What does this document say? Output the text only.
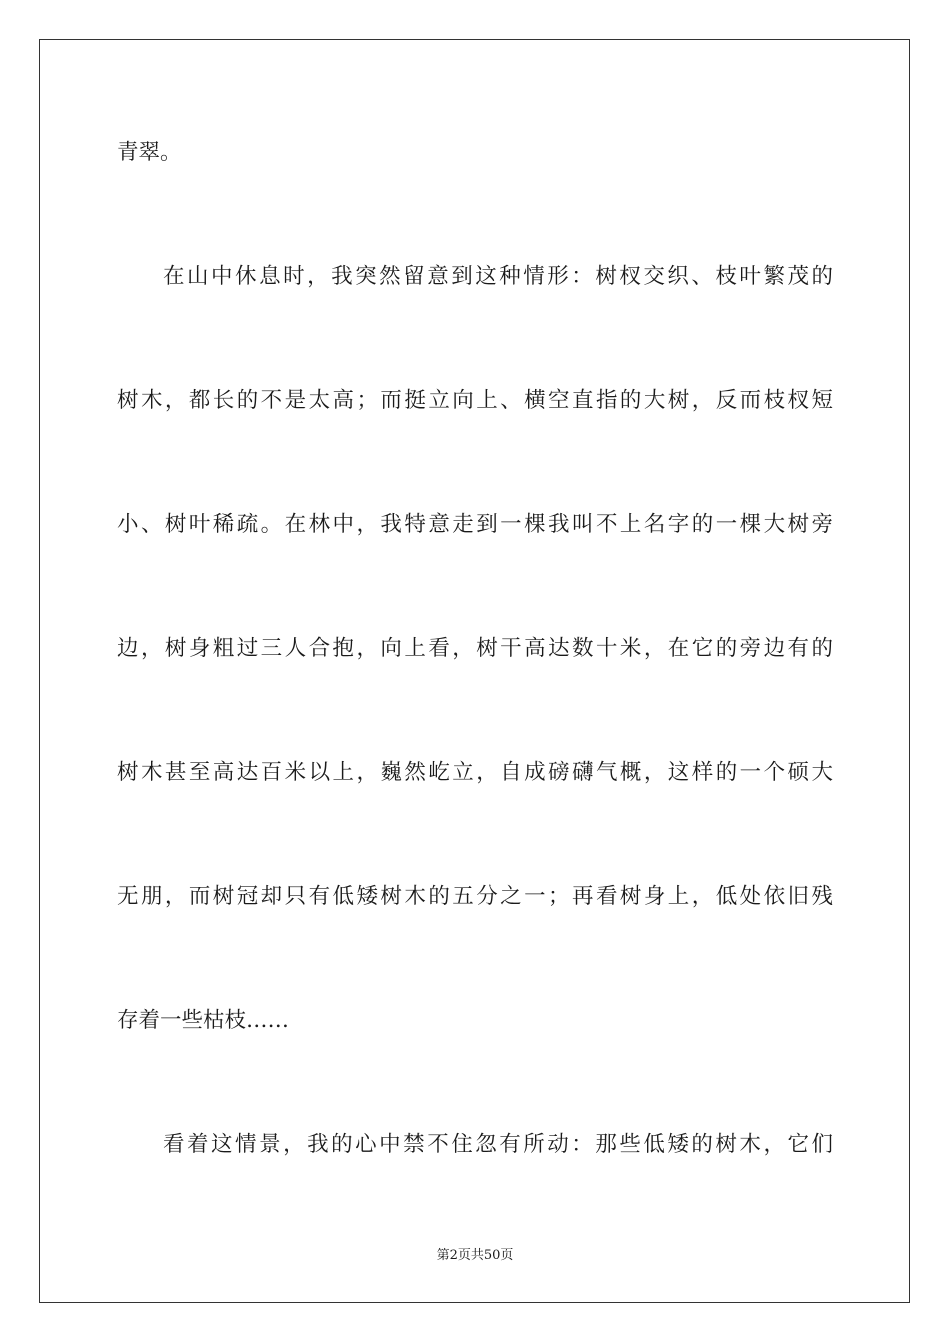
青翠。
在山中休息时，我突然留意到这种情形：树杈交织、枝叶繁茂的
树木，都长的不是太高；而挺立向上、横空直指的大树，反而枝杈短
小、树叶稀疏。在林中，我特意走到一棵我叫不上名字的一棵大树旁
边，树身粗过三人合抱，向上看，树干高达数十米，在它的旁边有的
树木甚至高达百米以上，巍然屹立，自成磅礴气概，这样的一个硕大
无朋，而树冠却只有低矮树木的五分之一；再看树身上，低处依旧残
存着一些枯枝……
看着这情景，我的心中禁不住忽有所动：那些低矮的树木，它们
第2页共50页
